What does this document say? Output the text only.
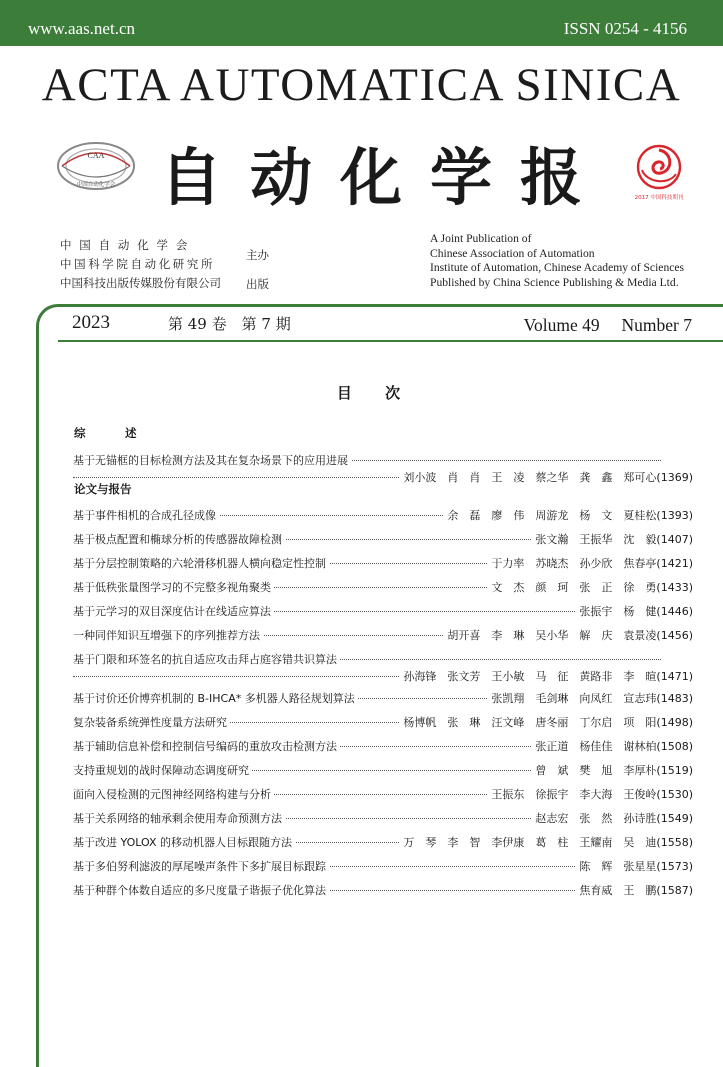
www.aas.net.cn	ISSN 0254 - 4156
ACTA AUTOMATICA SINICA
CAA
中国自动化学会 自动化学报	2017 中国科技期刊
中国自动化学会
中国科学院自动化研究所
中国科技出版传媒股份有限公司
主办
出版
A Joint Publication of
Chinese Association of Automation
Institute of Automation, Chinese Academy of Sciences
Published by China Science Publishing & Media Ltd.
2023	第 49 卷　第 7 期	Volume 49　 Number 7
目 次
综　述
基于无锚框的目标检测方法及其在复杂场景下的应用进展
刘小波　肖　肖　王　凌　蔡之华　龚　鑫　郑可心(1369)
论文与报告
基于事件相机的合成孔径成像	余　磊　廖　伟　周游龙　杨　文　夏桂松(1393)
基于极点配置和椭球分析的传感器故障检测	张文瀚　王振华　沈　毅(1407)
基于分层控制策略的六轮滑移机器人横向稳定性控制	于力率　苏晓杰　孙少欣　焦春亭(1421)
基于低秩张量图学习的不完整多视角聚类	文　杰　颜　珂　张　正　徐　勇(1433)
基于元学习的双目深度估计在线适应算法	张振宇　杨　健(1446)
一种同伴知识互增强下的序列推荐方法	胡开喜　李　琳　吴小华　解　庆　袁景凌(1456)
基于门限和环签名的抗自适应攻击拜占庭容错共识算法
孙海锋　张文芳　王小敏　马　征　黄路非　李　暄(1471)
基于讨价还价博弈机制的 B-IHCA* 多机器人路径规划算法	张凯翔　毛剑琳　向凤红　宣志玮(1483)
复杂装备系统弹性度量方法研究	杨博帆　张　琳　汪文峰　唐冬丽　丁尔启　项　阳(1498)
基于辅助信息补偿和控制信号编码的重放攻击检测方法	张正道　杨佳佳　谢林柏(1508)
支持重规划的战时保障动态调度研究	曾　斌　樊　旭　李厚朴(1519)
面向入侵检测的元图神经网络构建与分析	王振东　徐振宇　李大海　王俊岭(1530)
基于关系网络的轴承剩余使用寿命预测方法	赵志宏　张　然　孙诗胜(1549)
基于改进 YOLOX 的移动机器人目标跟随方法	万　琴　李　智　李伊康　葛　柱　王耀南　吴　迪(1558)
基于多伯努利滤波的厚尾噪声条件下多扩展目标跟踪	陈　辉　张星星(1573)
基于种群个体数自适应的多尺度量子谐振子优化算法	焦育威　王　鹏(1587)
